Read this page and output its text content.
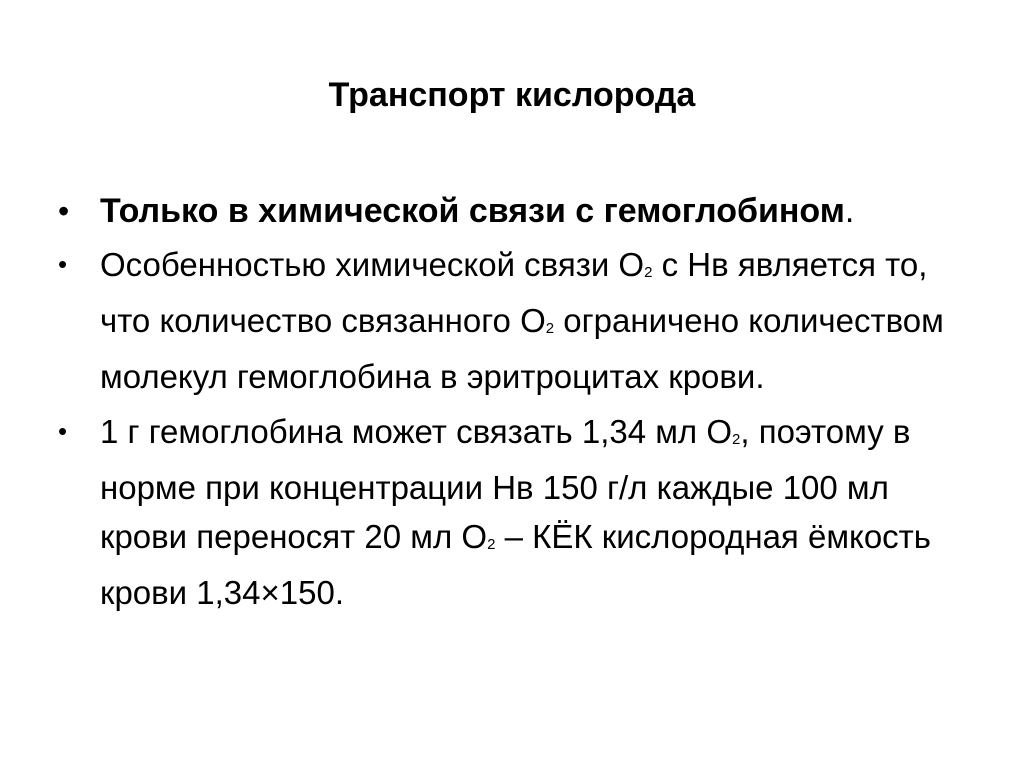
Транспорт кислорода
• Только в химической связи с гемоглобином.
• Особенностью химической связи О2 с Нв является то, что количество связанного О2 ограничено количеством молекул гемоглобина в эритроцитах крови.
• 1 г гемоглобина может связать 1,34 мл О2, поэтому в норме при концентрации Нв 150 г/л каждые 100 мл крови переносят 20 мл О2 – КЁК кислородная ёмкость крови 1,34×150.
